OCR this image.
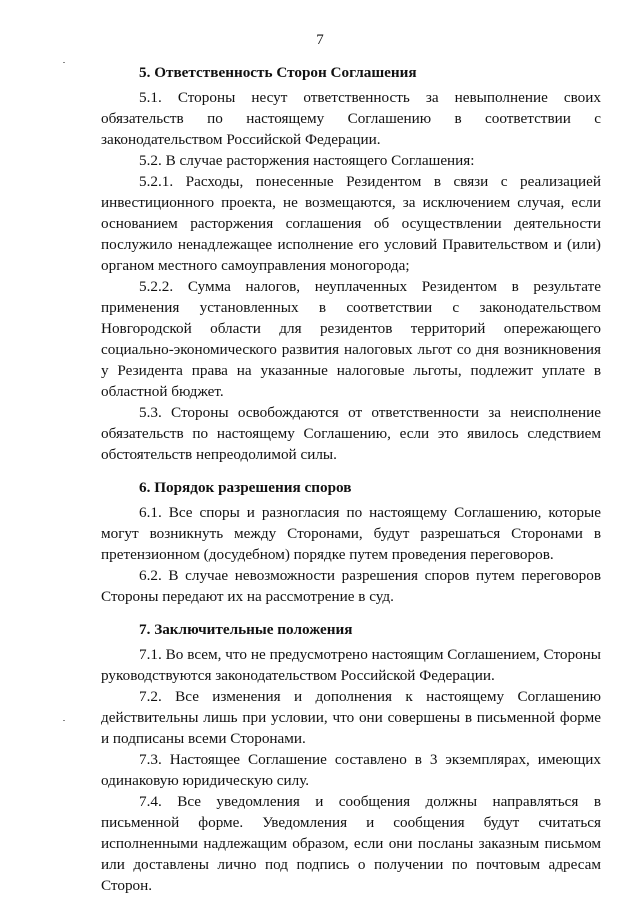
7
5. Ответственность Сторон Соглашения

5.1. Стороны несут ответственность за невыполнение своих обязательств по настоящему Соглашению в соответствии с законодательством Российской Федерации.

5.2. В случае расторжения настоящего Соглашения:

5.2.1. Расходы, понесенные Резидентом в связи с реализацией инвестиционного проекта, не возмещаются, за исключением случая, если основанием расторжения соглашения об осуществлении деятельности послужило ненадлежащее исполнение его условий Правительством и (или) органом местного самоуправления моногорода;

5.2.2. Сумма налогов, неуплаченных Резидентом в результате применения установленных в соответствии с законодательством Новгородской области для резидентов территорий опережающего социально-экономического развития налоговых льгот со дня возникновения у Резидента права на указанные налоговые льготы, подлежит уплате в областной бюджет.

5.3. Стороны освобождаются от ответственности за неисполнение обязательств по настоящему Соглашению, если это явилось следствием обстоятельств непреодолимой силы.

6. Порядок разрешения споров

6.1. Все споры и разногласия по настоящему Соглашению, которые могут возникнуть между Сторонами, будут разрешаться Сторонами в претензионном (досудебном) порядке путем проведения переговоров.

6.2. В случае невозможности разрешения споров путем переговоров Стороны передают их на рассмотрение в суд.

7. Заключительные положения

7.1. Во всем, что не предусмотрено настоящим Соглашением, Стороны руководствуются законодательством Российской Федерации.

7.2. Все изменения и дополнения к настоящему Соглашению действительны лишь при условии, что они совершены в письменной форме и подписаны всеми Сторонами.

7.3. Настоящее Соглашение составлено в 3 экземплярах, имеющих одинаковую юридическую силу.

7.4. Все уведомления и сообщения должны направляться в письменной форме. Уведомления и сообщения будут считаться исполненными надлежащим образом, если они посланы заказным письмом или доставлены лично под подпись о получении по почтовым адресам Сторон.
